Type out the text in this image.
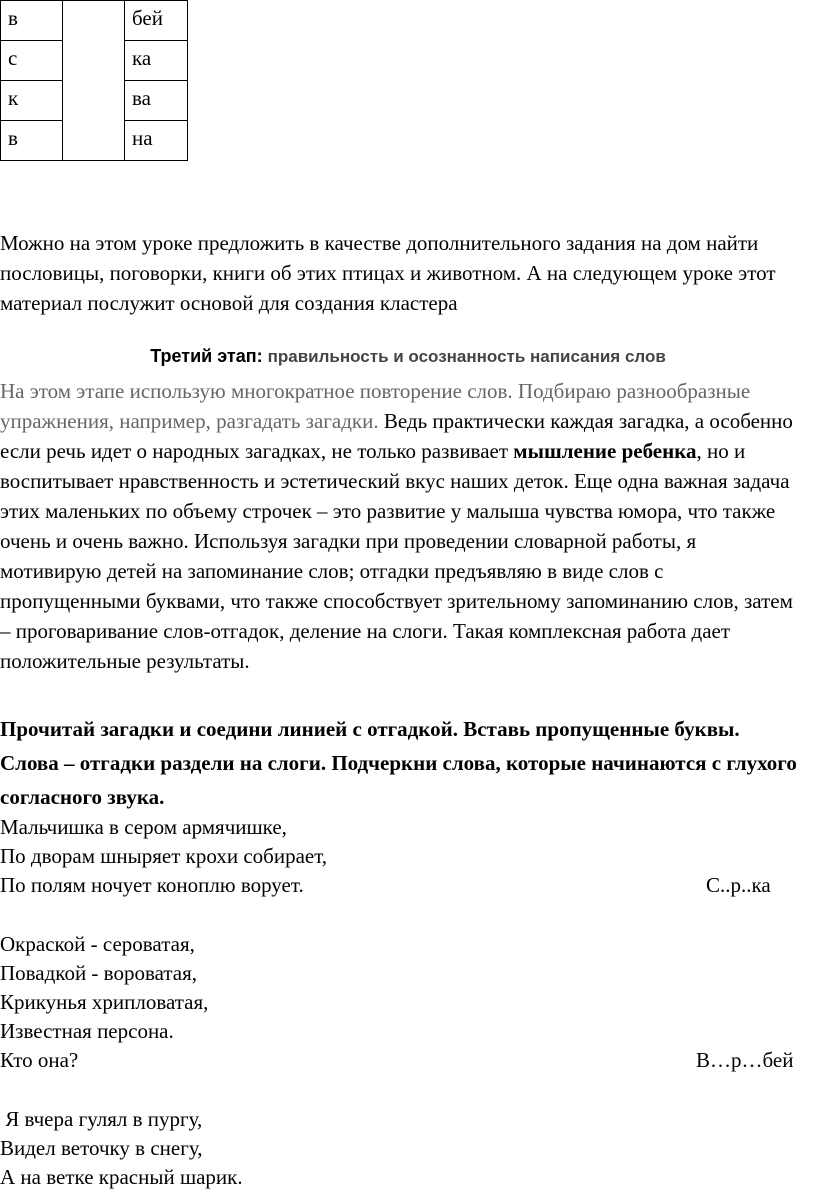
в		бей
с		ка
к		ва
в		на

Можно на этом уроке предложить в качестве дополнительного задания на дом найти пословицы, поговорки, книги об этих птицах и животном. А на следующем уроке этот материал послужит основой для создания кластера

Третий этап: правильность и осознанность написания слов

На этом этапе использую многократное повторение слов. Подбираю разнообразные упражнения, например, разгадать загадки. Ведь практически каждая загадка, а особенно если речь идет о народных загадках, не только развивает мышление ребенка, но и воспитывает нравственность и эстетический вкус наших деток. Еще одна важная задача этих маленьких по объему строчек – это развитие у малыша чувства юмора, что также очень и очень важно. Используя загадки при проведении словарной работы, я мотивирую детей на запоминание слов; отгадки предъявляю в виде слов с пропущенными буквами, что также способствует зрительному запоминанию слов, затем – проговаривание слов-отгадок, деление на слоги. Такая комплексная работа дает положительные результаты.

Прочитай загадки и соедини линией с отгадкой. Вставь пропущенные буквы. Слова – отгадки раздели на слоги. Подчеркни слова, которые начинаются с глухого согласного звука.

Мальчишка в сером армячишке,
По дворам шныряет крохи собирает,
По полям ночует коноплю ворует.	С..р..ка
Окраской - сероватая,
Повадкой - вороватая,
Крикунья хрипловатая,
Известная персона.
Кто она?	В…р…бей
Я вчера гулял в пургу,
Видел веточку в снегу,
А на ветке красный шарик.
